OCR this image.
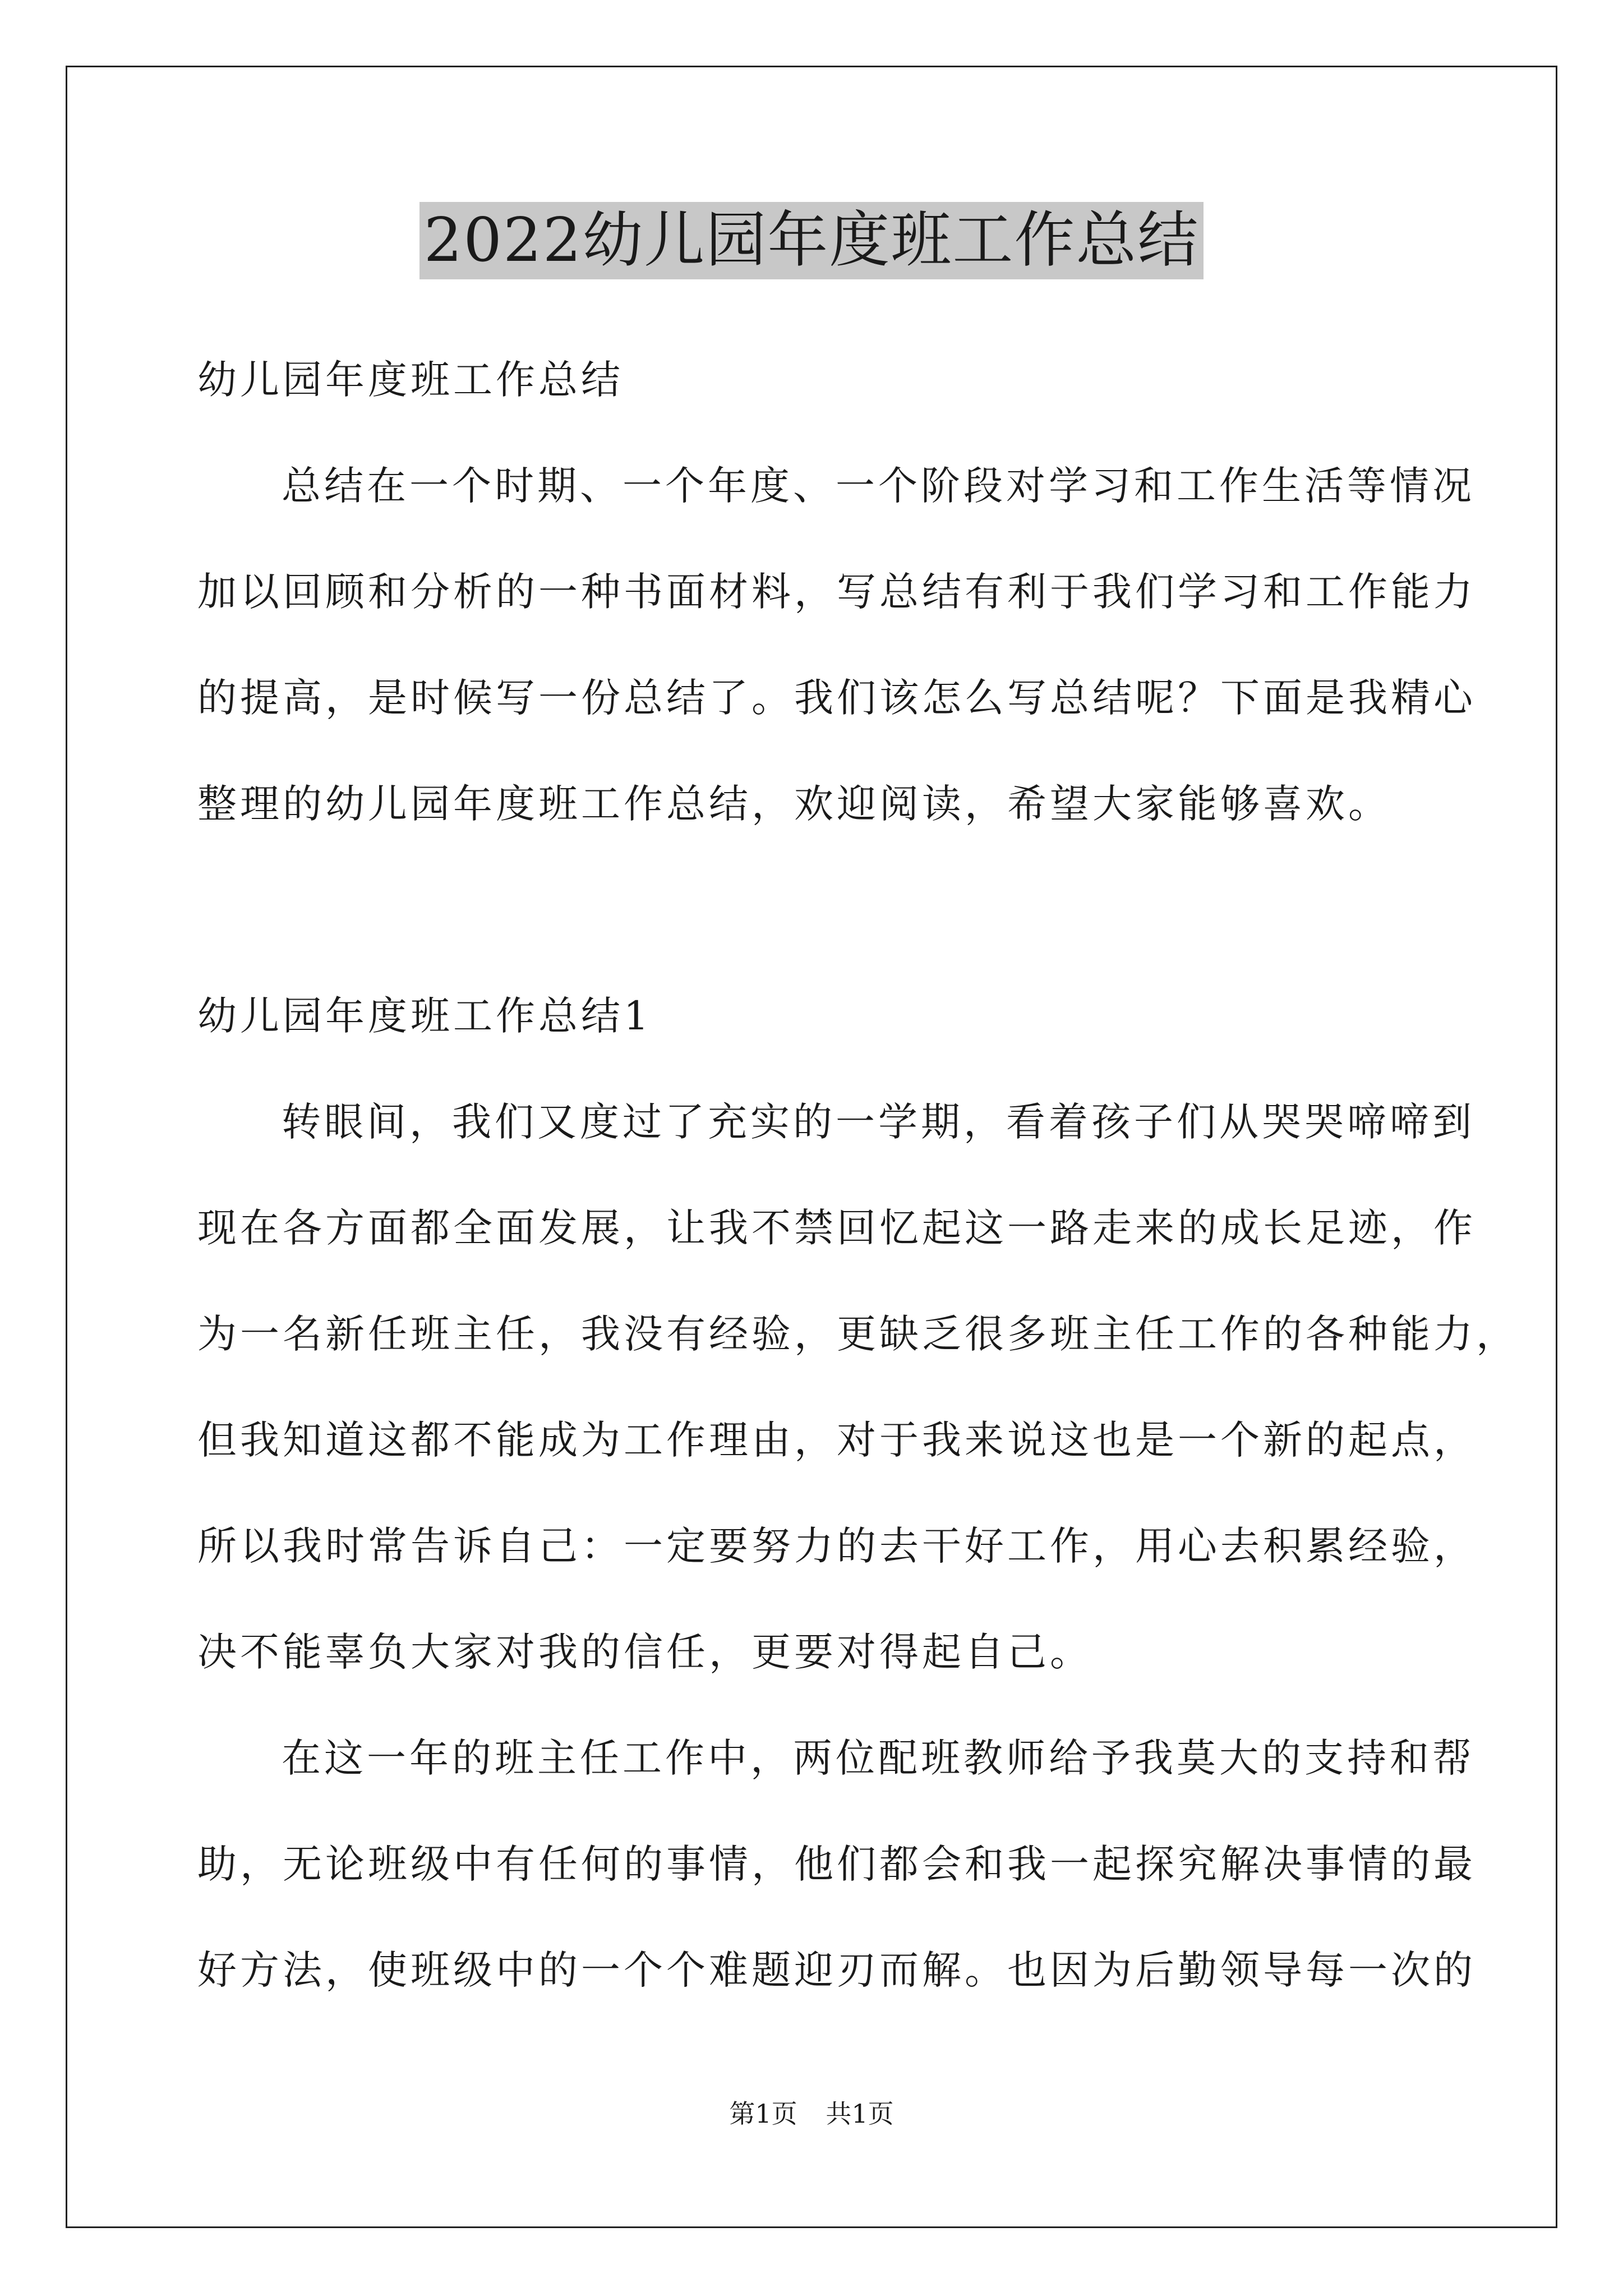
2022幼儿园年度班工作总结
幼儿园年度班工作总结
总结在一个时期、一个年度、一个阶段对学习和工作生活等情况
加以回顾和分析的一种书面材料，写总结有利于我们学习和工作能力
的提高，是时候写一份总结了。我们该怎么写总结呢？下面是我精心
整理的幼儿园年度班工作总结，欢迎阅读，希望大家能够喜欢。
幼儿园年度班工作总结1
转眼间，我们又度过了充实的一学期，看着孩子们从哭哭啼啼到
现在各方面都全面发展，让我不禁回忆起这一路走来的成长足迹，作
为一名新任班主任，我没有经验，更缺乏很多班主任工作的各种能力，
但我知道这都不能成为工作理由，对于我来说这也是一个新的起点，
所以我时常告诉自己：一定要努力的去干好工作，用心去积累经验，
决不能辜负大家对我的信任，更要对得起自己。
在这一年的班主任工作中，两位配班教师给予我莫大的支持和帮
助，无论班级中有任何的事情，他们都会和我一起探究解决事情的最
好方法，使班级中的一个个难题迎刃而解。也因为后勤领导每一次的
第1页 共1页
